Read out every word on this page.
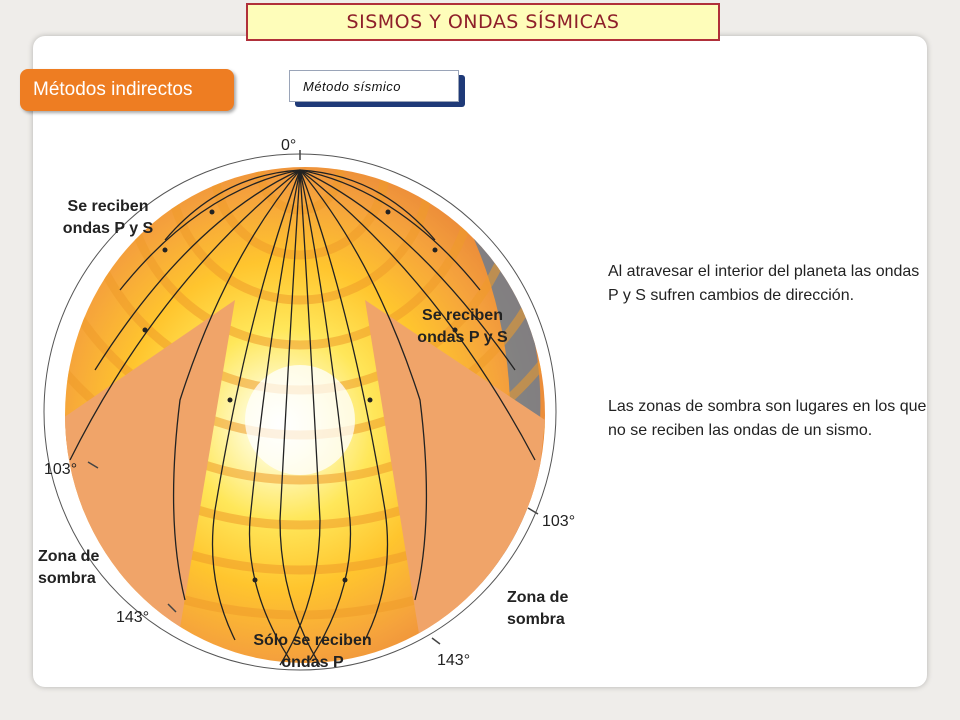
SISMOS Y ONDAS SÍSMICAS
Métodos indirectos	Método sísmico
0°
103°
103°
143°
143°
Se reciben ondas P y S
Se reciben ondas P y S
Zona de sombra
Zona de sombra
Sólo se reciben ondas P
Al atravesar el interior del planeta las ondas P y S sufren cambios de dirección.
Las zonas de sombra son lugares en los que no se reciben las ondas de un sismo.
